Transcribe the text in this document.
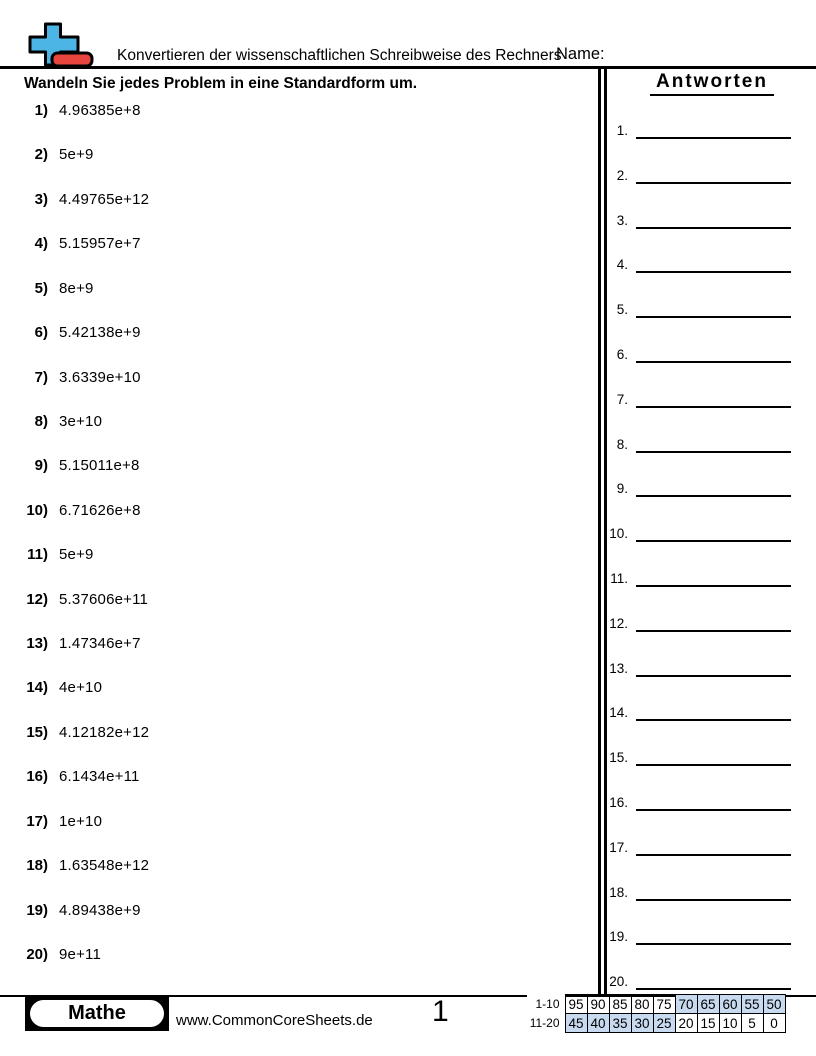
Konvertieren der wissenschaftlichen Schreibweise des Rechners
Name:
Wandeln Sie jedes Problem in eine Standardform um.
1) 4.96385e+8
2) 5e+9
3) 4.49765e+12
4) 5.15957e+7
5) 8e+9
6) 5.42138e+9
7) 3.6339e+10
8) 3e+10
9) 5.15011e+8
10) 6.71626e+8
11) 5e+9
12) 5.37606e+11
13) 1.47346e+7
14) 4e+10
15) 4.12182e+12
16) 6.1434e+11
17) 1e+10
18) 1.63548e+12
19) 4.89438e+9
20) 9e+11
Antworten
1.
2.
3.
4.
5.
6.
7.
8.
9.
10.
11.
12.
13.
14.
15.
16.
17.
18.
19.
20.
Mathe	www.CommonCoreSheets.de 1	1-10	95	90	85	80	75	70	65	60	55	50
11-20	45	40	35	30	25	20	15	10	5	0
